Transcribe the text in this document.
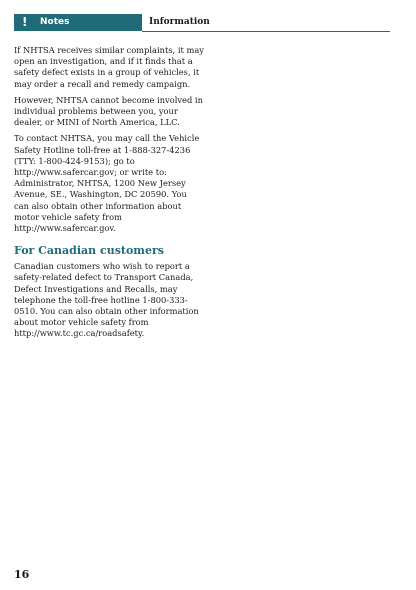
! Notes	Information

If NHTSA receives similar complaints, it may open an investigation, and if it finds that a safety defect exists in a group of vehicles, it may order a recall and remedy campaign.

However, NHTSA cannot become involved in individual problems between you, your dealer, or MINI of North America, LLC.

To contact NHTSA, you may call the Vehicle Safety Hotline toll-free at 1-888-327-4236 (TTY: 1-800-424-9153); go to http://www.safercar.gov; or write to: Administrator, NHTSA, 1200 New Jersey Avenue, SE., Washington, DC 20590. You can also obtain other information about motor vehicle safety from http://www.safercar.gov.

For Canadian customers

Canadian customers who wish to report a safety-related defect to Transport Canada, Defect Investigations and Recalls, may telephone the toll-free hotline 1-800-333-0510. You can also obtain other information about motor vehicle safety from http://www.tc.gc.ca/roadsafety.

16
